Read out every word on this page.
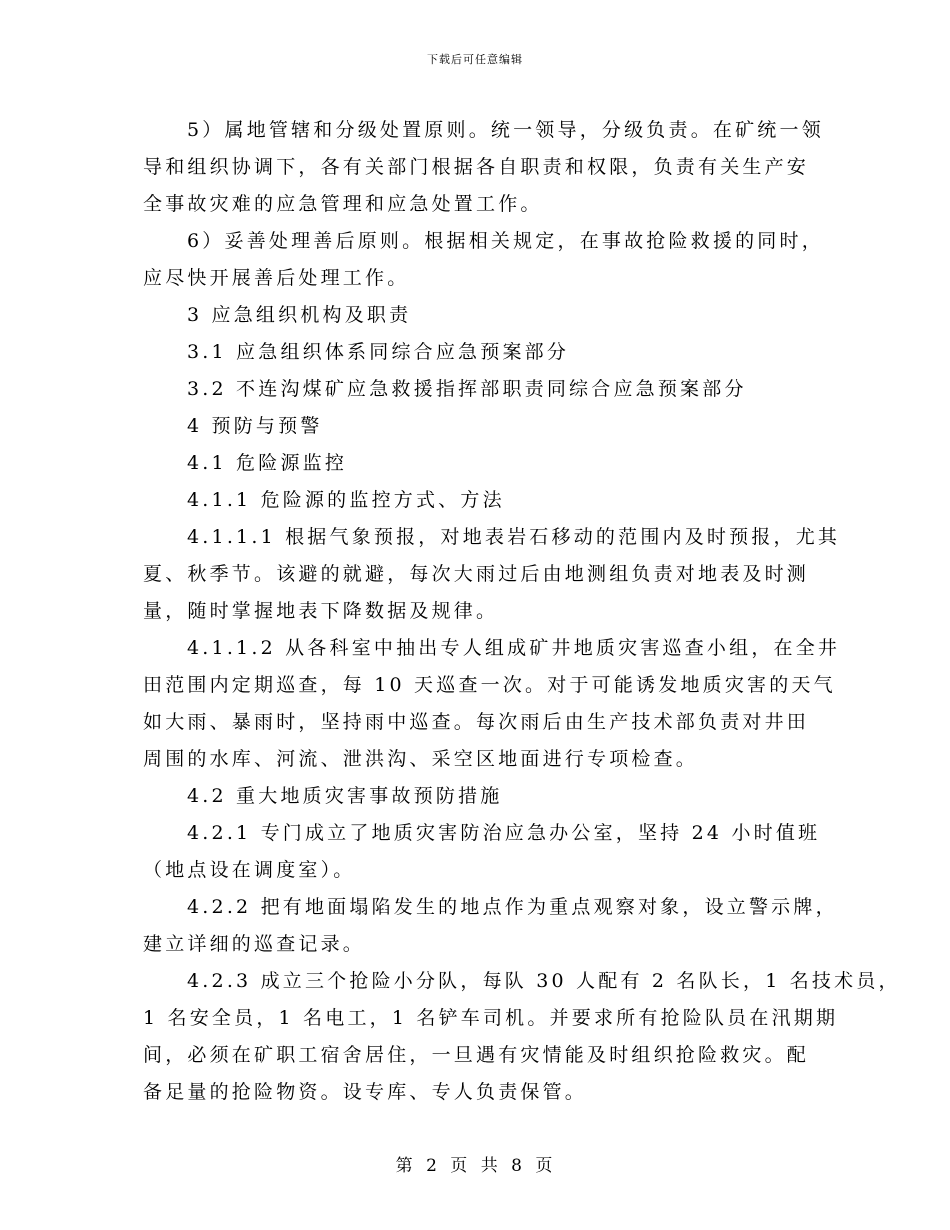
下载后可任意编辑

5）属地管辖和分级处置原则。统一领导，分级负责。在矿统一领

导和组织协调下，各有关部门根据各自职责和权限，负责有关生产安

全事故灾难的应急管理和应急处置工作。

6）妥善处理善后原则。根据相关规定，在事故抢险救援的同时，

应尽快开展善后处理工作。

3 应急组织机构及职责

3.1 应急组织体系同综合应急预案部分

3.2 不连沟煤矿应急救援指挥部职责同综合应急预案部分

4 预防与预警

4.1 危险源监控

4.1.1 危险源的监控方式、方法

4.1.1.1 根据气象预报，对地表岩石移动的范围内及时预报，尤其

夏、秋季节。该避的就避，每次大雨过后由地测组负责对地表及时测

量，随时掌握地表下降数据及规律。

4.1.1.2 从各科室中抽出专人组成矿井地质灾害巡查小组，在全井

田范围内定期巡查，每 10 天巡查一次。对于可能诱发地质灾害的天气

如大雨、暴雨时，坚持雨中巡查。每次雨后由生产技术部负责对井田

周围的水库、河流、泄洪沟、采空区地面进行专项检查。

4.2 重大地质灾害事故预防措施

4.2.1 专门成立了地质灾害防治应急办公室，坚持 24 小时值班

（地点设在调度室）。

4.2.2 把有地面塌陷发生的地点作为重点观察对象，设立警示牌，

建立详细的巡查记录。

4.2.3 成立三个抢险小分队，每队 30 人配有 2 名队长，1 名技术员，

1 名安全员，1 名电工，1 名铲车司机。并要求所有抢险队员在汛期期

间，必须在矿职工宿舍居住，一旦遇有灾情能及时组织抢险救灾。配

备足量的抢险物资。设专库、专人负责保管。

第 2 页 共 8 页
